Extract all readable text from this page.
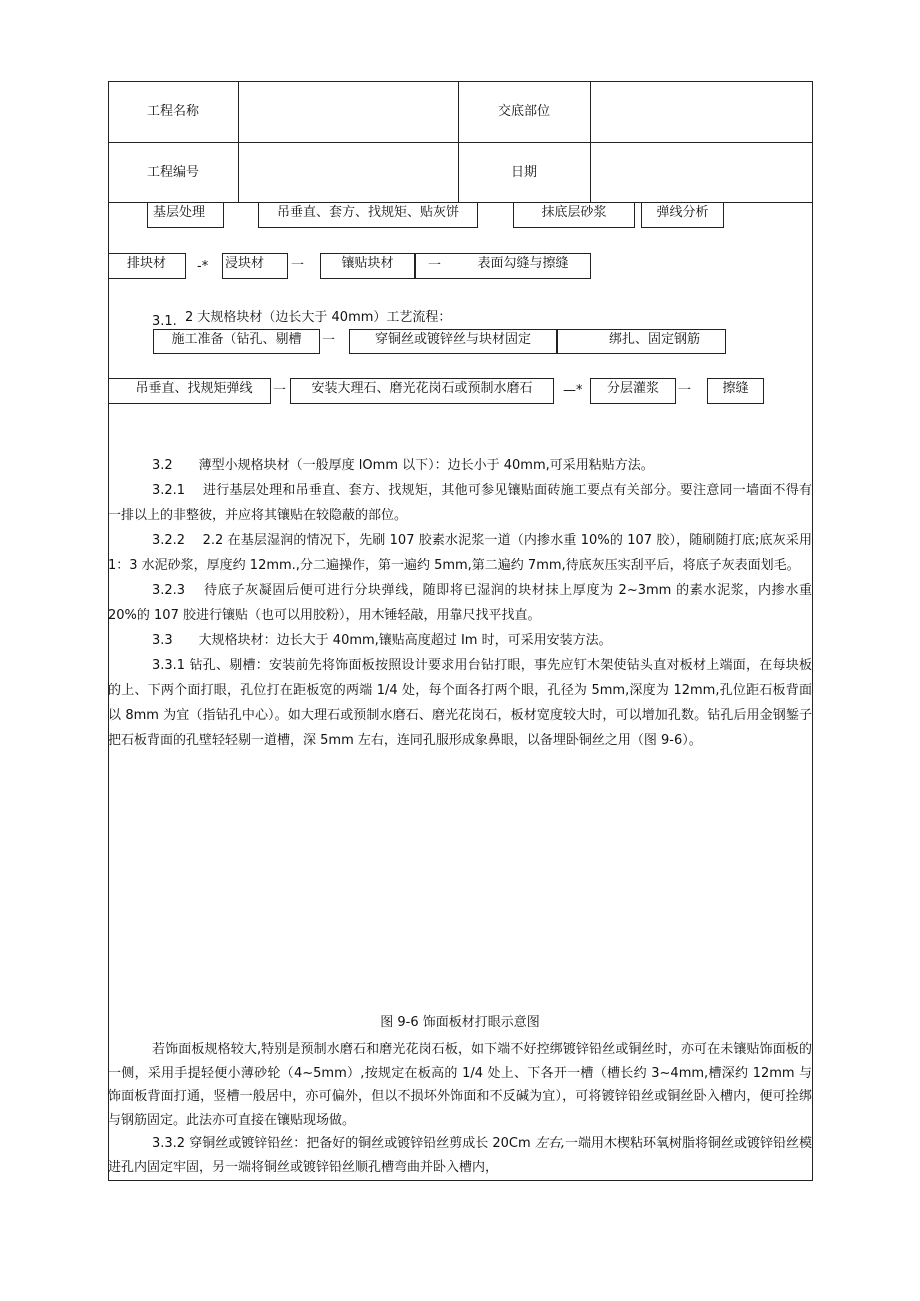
工程名称	交底部位
工程编号	日期
基层处理	吊垂直、套方、找规矩、贴灰饼	抹底层砂浆	弹线分析
排块材	-* 浸块材	一	镶贴块材	一	表面勾缝与擦缝
3.1. 2 大规格块材（边长大于 40mm）工艺流程：
施工准备（钻孔、剔槽	一	穿铜丝或镀锌丝与块材固定	绑扎、固定钢筋
吊垂直、找规矩弹线	一	安装大理石、磨光花岗石或预制水磨石	—*	分层灌浆	一	擦缝

3.2　　薄型小规格块材（一般厚度 lOmm 以下）：边长小于 40mm,可采用粘贴方法。

3.2.1　 进行基层处理和吊垂直、套方、找规矩，其他可参见镶贴面砖施工要点有关部分。要注意同一墙面不得有一排以上的非整彼，并应将其镶贴在较隐蔽的部位。

3.2.2　 2.2 在基层湿润的情况下，先刷 107 胶素水泥浆一道（内掺水重 10%的 107 胶），随刷随打底;底灰采用 1：3 水泥砂浆，厚度约 12mm.,分二遍操作，第一遍约 5mm,第二遍约 7mm,待底灰压实刮平后，将底子灰表面划毛。

3.2.3　 待底子灰凝固后便可进行分块弹线，随即将已湿润的块材抹上厚度为 2~3mm 的素水泥浆，内掺水重 20%的 107 胶进行镶贴（也可以用胶粉），用木锤轻敲，用靠尺找平找直。

3.3　　大规格块材：边长大于 40mm,镶贴高度超过 Im 时，可采用安装方法。

3.3.1 钻孔、剔槽：安装前先将饰面板按照设计要求用台钻打眼，事先应钉木架使钻头直对板材上端面，在每块板的上、下两个面打眼，孔位打在距板宽的两端 1/4 处，每个面各打两个眼，孔径为 5mm,深度为 12mm,孔位距石板背面以 8mm 为宜（指钻孔中心）。如大理石或预制水磨石、磨光花岗石，板材宽度较大时，可以增加孔数。钻孔后用金钢錾子把石板背面的孔壁轻轻剔一道槽，深 5mm 左右，连同孔服形成象鼻眼，以备埋卧铜丝之用（图 9-6）。

图 9-6 饰面板材打眼示意图

若饰面板规格较大,特别是预制水磨石和磨光花岗石板，如下端不好控绑镀锌铅丝或铜丝时，亦可在未镶贴饰面板的一侧，采用手提轻便小薄砂轮（4~5mm）,按规定在板高的 1/4 处上、下各开一槽（槽长约 3~4mm,槽深约 12mm 与饰面板背面打通，竖槽一般居中，亦可偏外，但以不损坏外饰面和不反碱为宜），可将镀锌铅丝或铜丝卧入槽内，便可拴绑与钢筋固定。此法亦可直接在镶贴现场做。

3.3.2 穿铜丝或镀锌铅丝：把备好的铜丝或镀锌铅丝剪成长 20Cm 左右,一端用木楔粘环氧树脂将铜丝或镀锌铅丝模进孔内固定牢固，另一端将铜丝或镀锌铅丝顺孔槽弯曲并卧入槽内，
